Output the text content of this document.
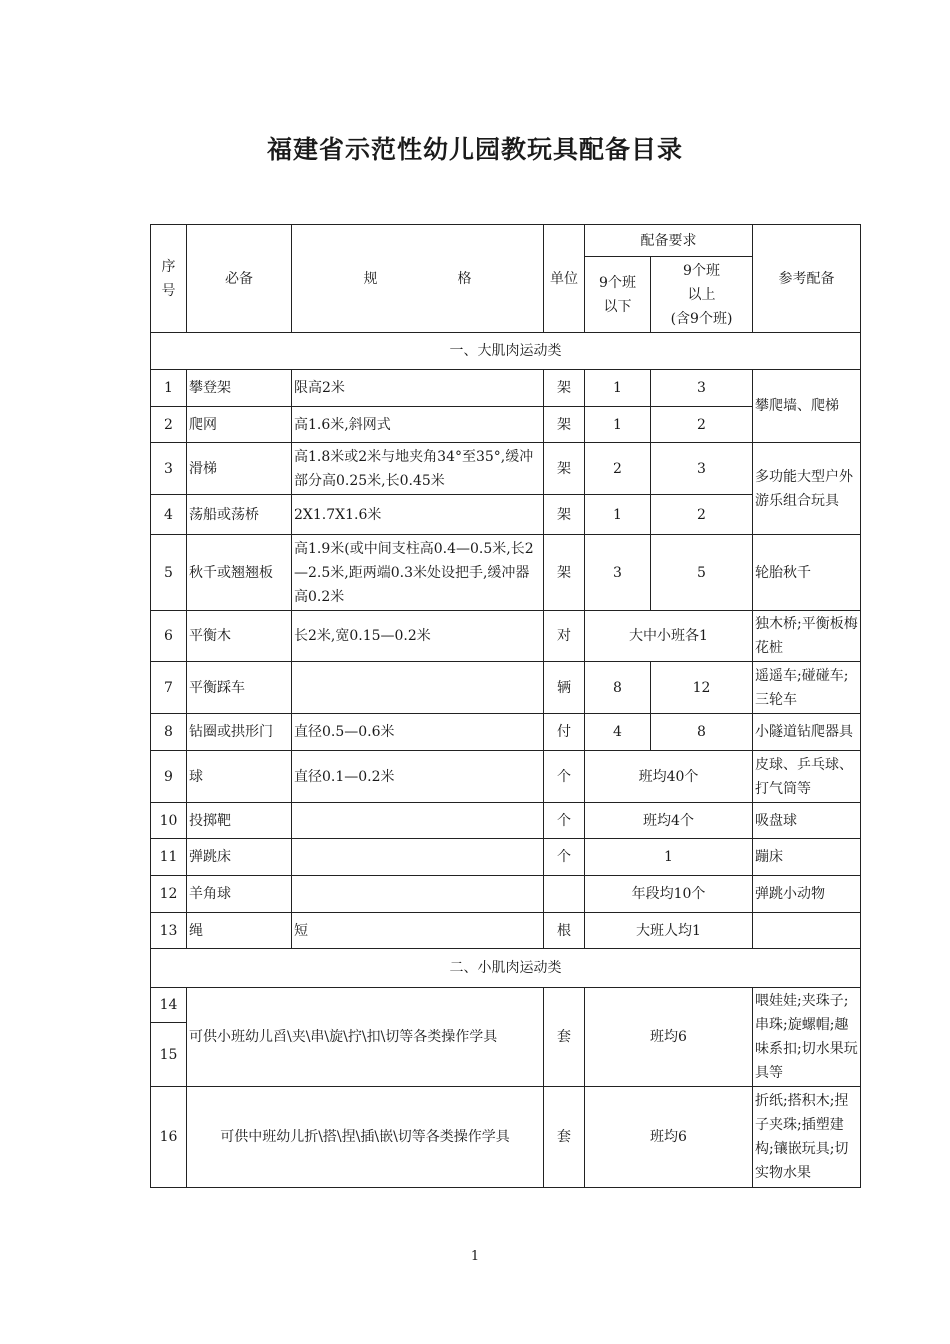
福建省示范性幼儿园教玩具配备目录
序号	必备	规 格	单位	配备要求		参考配备

				9个班以下	9个班
以上
(含9个班)	

一、大肌肉运动类						
1	攀登架	限高2米	架	1	3	攀爬墙、爬梯
2	爬网	高1.6米,斜网式	架	1	2	
3	滑梯	高1.8米或2米与地夹角34°至35°,缓冲部分高0.25米,长0.45米	架	2	3	多功能大型户外游乐组合玩具
4	荡船或荡桥	2X1.7X1.6米	架	1	2	
5	秋千或翘翘板	高1.9米(或中间支柱高0.4—0.5米,长2—2.5米,距两端0.3米处设把手,缓冲器高0.2米	架	3	5	轮胎秋千
6	平衡木	长2米,宽0.15—0.2米	对	大中小班各1		独木桥;平衡板梅花桩
7	平衡踩车		辆	8	12	遥遥车;碰碰车;三轮车
8	钻圈或拱形门	直径0.5—0.6米	付	4	8	小隧道钻爬器具
9	球	直径0.1—0.2米	个	班均40个		皮球、乒乓球、打气筒等
10	投掷靶		个	班均4个		吸盘球
11	弹跳床		个	1		蹦床
12	羊角球			年段均10个		弹跳小动物
13	绳	短	根	大班人均1		
二、小肌肉运动类						
14	可供小班幼儿舀\夹\串\旋\拧\扣\切等各类操作学具		套	班均6		喂娃娃;夹珠子;串珠;旋螺帽;趣味系扣;切水果玩具等
15						
16	可供中班幼儿折\搭\捏\插\嵌\切等各类操作学具		套	班均6		折纸;搭积木;捏子夹珠;插塑建构;镶嵌玩具;切实物水果
1
